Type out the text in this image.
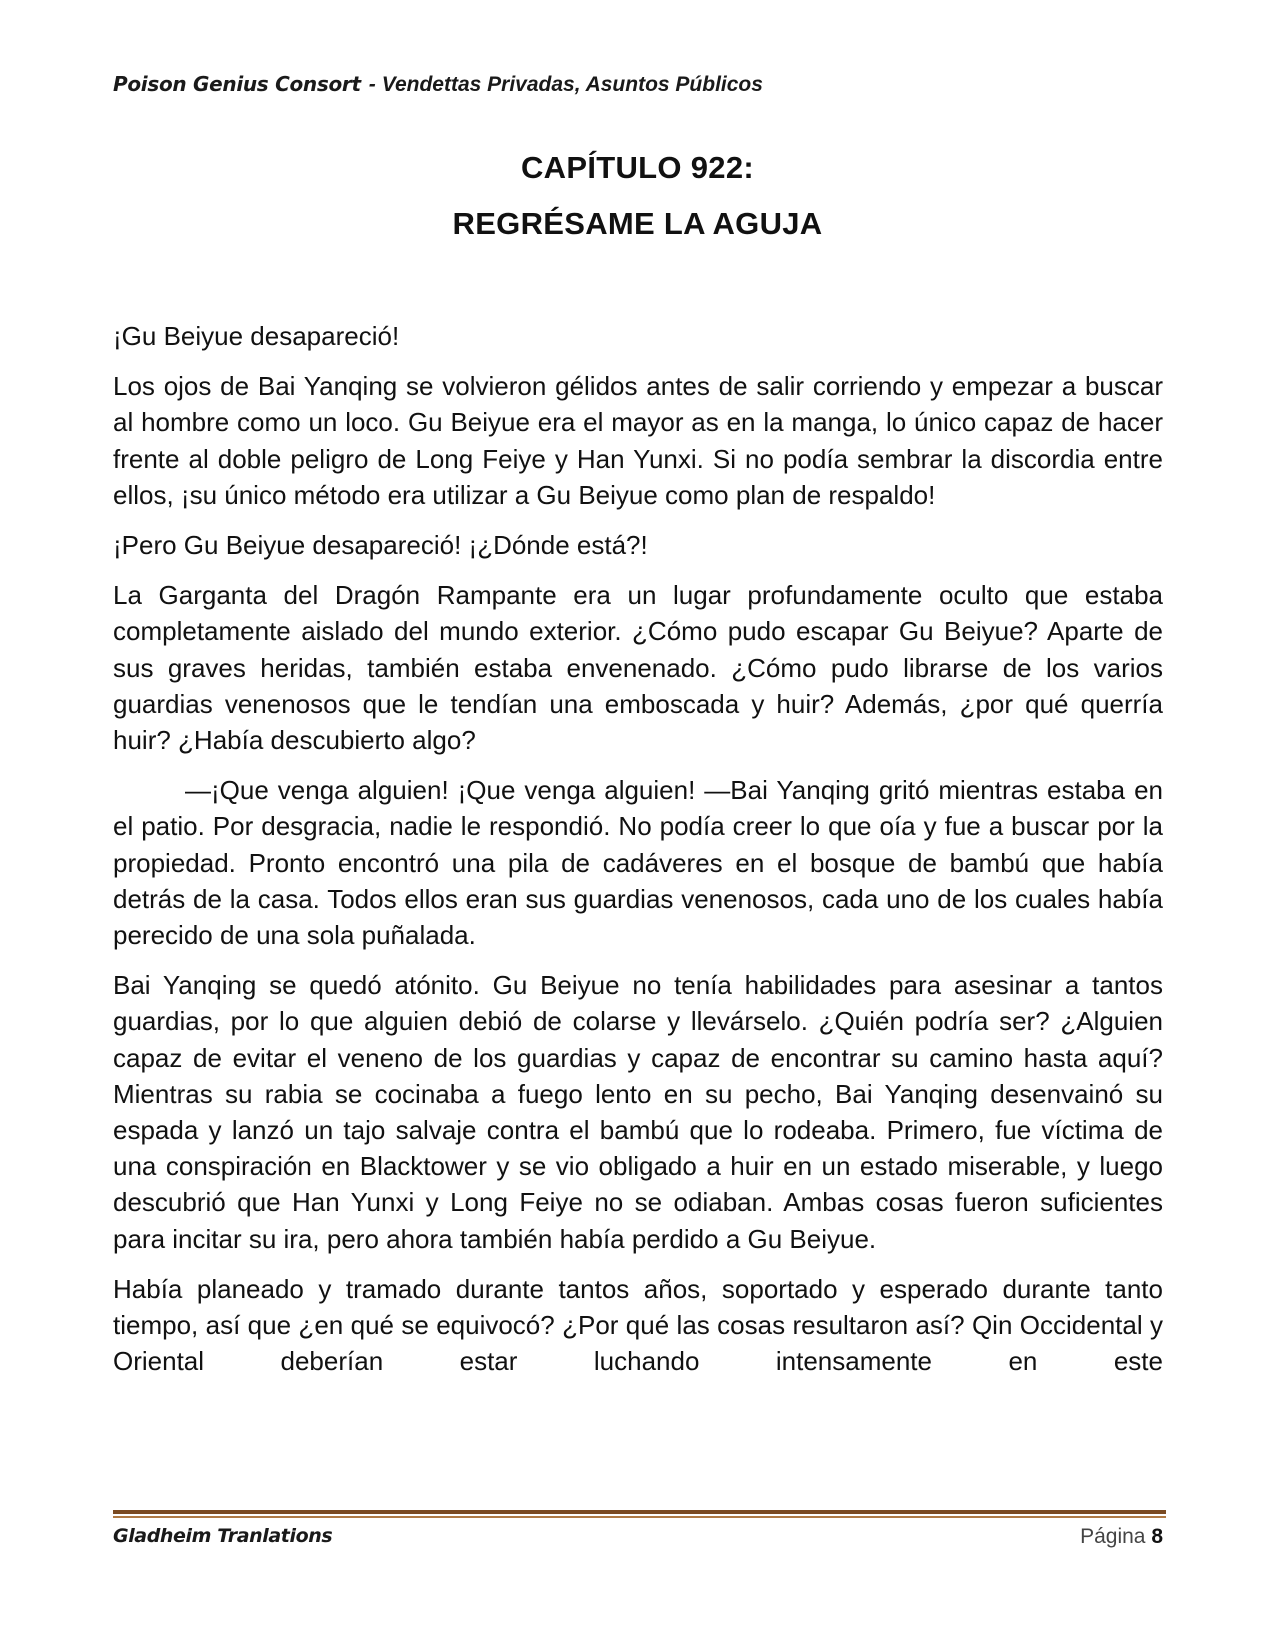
Poison Genius Consort - Vendettas Privadas, Asuntos Públicos
CAPÍTULO 922:
REGRÉSAME LA AGUJA

¡Gu Beiyue desapareció!

Los ojos de Bai Yanqing se volvieron gélidos antes de salir corriendo y empezar a buscar al hombre como un loco. Gu Beiyue era el mayor as en la manga, lo único capaz de hacer frente al doble peligro de Long Feiye y Han Yunxi. Si no podía sembrar la discordia entre ellos, ¡su único método era utilizar a Gu Beiyue como plan de respaldo!

¡Pero Gu Beiyue desapareció! ¡¿Dónde está?!

La Garganta del Dragón Rampante era un lugar profundamente oculto que estaba completamente aislado del mundo exterior. ¿Cómo pudo escapar Gu Beiyue? Aparte de sus graves heridas, también estaba envenenado. ¿Cómo pudo librarse de los varios guardias venenosos que le tendían una emboscada y huir? Además, ¿por qué querría huir? ¿Había descubierto algo?

—¡Que venga alguien! ¡Que venga alguien! —Bai Yanqing gritó mientras estaba en el patio. Por desgracia, nadie le respondió. No podía creer lo que oía y fue a buscar por la propiedad. Pronto encontró una pila de cadáveres en el bosque de bambú que había detrás de la casa. Todos ellos eran sus guardias venenosos, cada uno de los cuales había perecido de una sola puñalada.

Bai Yanqing se quedó atónito. Gu Beiyue no tenía habilidades para asesinar a tantos guardias, por lo que alguien debió de colarse y llevárselo. ¿Quién podría ser? ¿Alguien capaz de evitar el veneno de los guardias y capaz de encontrar su camino hasta aquí? Mientras su rabia se cocinaba a fuego lento en su pecho, Bai Yanqing desenvainó su espada y lanzó un tajo salvaje contra el bambú que lo rodeaba. Primero, fue víctima de una conspiración en Blacktower y se vio obligado a huir en un estado miserable, y luego descubrió que Han Yunxi y Long Feiye no se odiaban. Ambas cosas fueron suficientes para incitar su ira, pero ahora también había perdido a Gu Beiyue.

Había planeado y tramado durante tantos años, soportado y esperado durante tanto tiempo, así que ¿en qué se equivocó? ¿Por qué las cosas resultaron así? Qin Occidental y Oriental deberían estar luchando intensamente en este

Gladheim Tranlations	Página 8
